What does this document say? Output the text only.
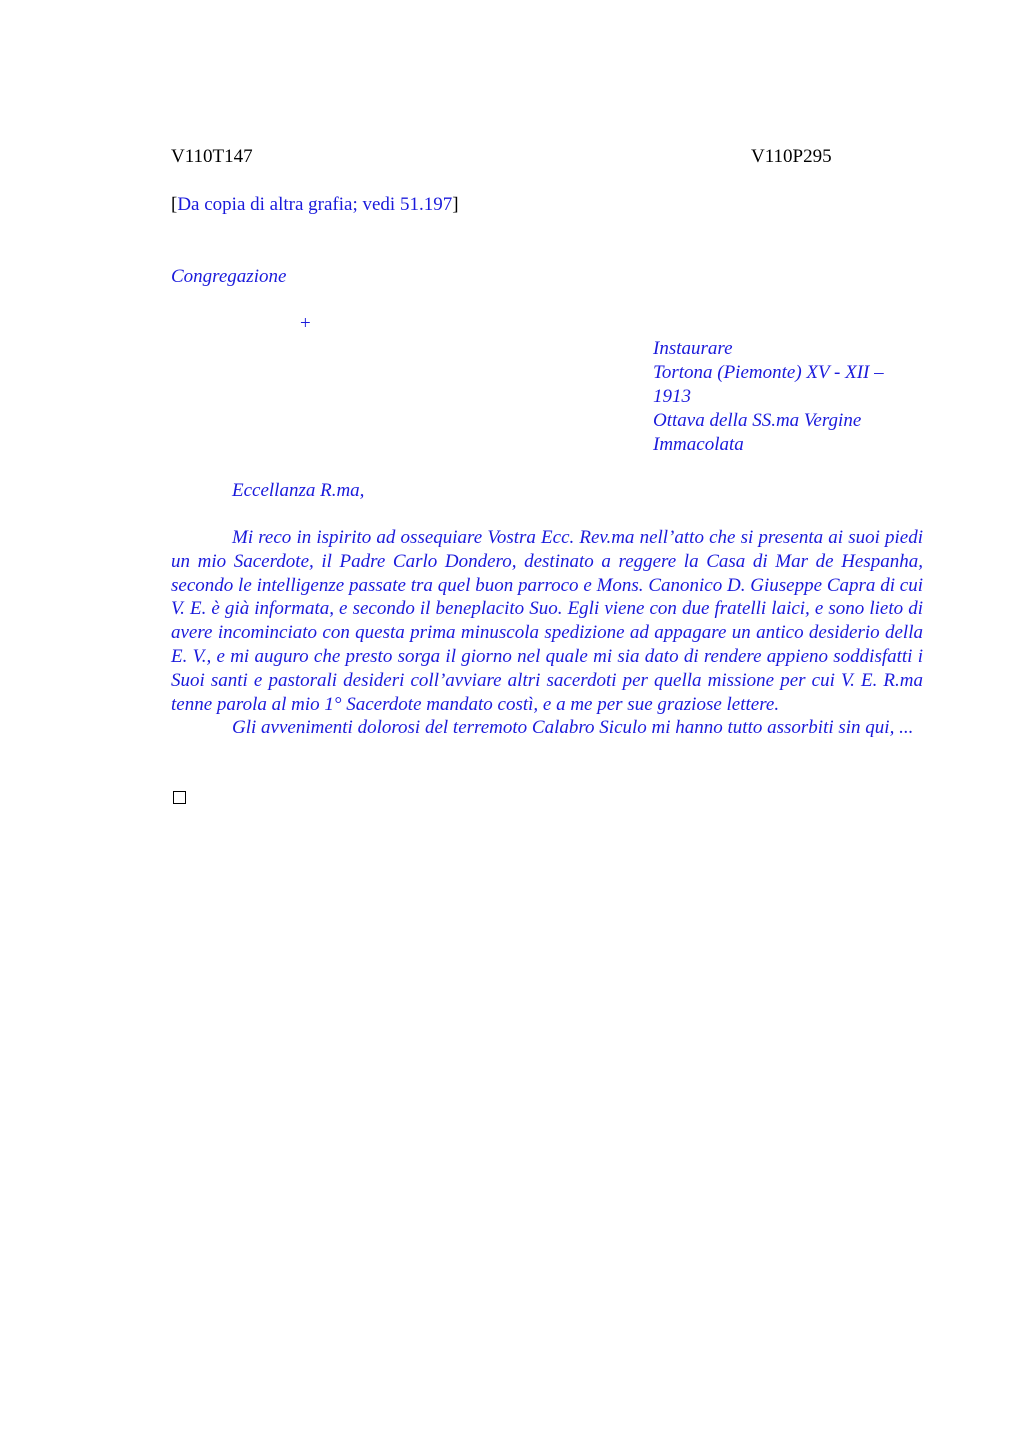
V110T147	V110P295
[Da copia di altra grafia; vedi 51.197]
Congregazione
+
Instaurare
Tortona (Piemonte) XV - XII –
1913
Ottava della SS.ma Vergine
Immacolata
Eccellanza R.ma,

Mi reco in ispirito ad ossequiare Vostra Ecc. Rev.ma nell’atto che si presenta ai suoi piedi un mio Sacerdote, il Padre Carlo Dondero, destinato a reggere la Casa di Mar de Hespanha, secondo le intelligenze passate tra quel buon parroco e Mons. Canonico D. Giuseppe Capra di cui V. E. è già informata, e secondo il beneplacito Suo. Egli viene con due fratelli laici, e sono lieto di avere incominciato con questa prima minuscola spedizione ad appagare un antico desiderio della E. V., e mi auguro che presto sorga il giorno nel quale mi sia dato di rendere appieno soddisfatti i Suoi santi e pastorali desideri coll’avviare altri sacerdoti per quella missione per cui V. E. R.ma tenne parola al mio 1° Sacerdote mandato costì, e a me per sue graziose lettere.

Gli avvenimenti dolorosi del terremoto Calabro Siculo mi hanno tutto assorbiti sin qui, ...
